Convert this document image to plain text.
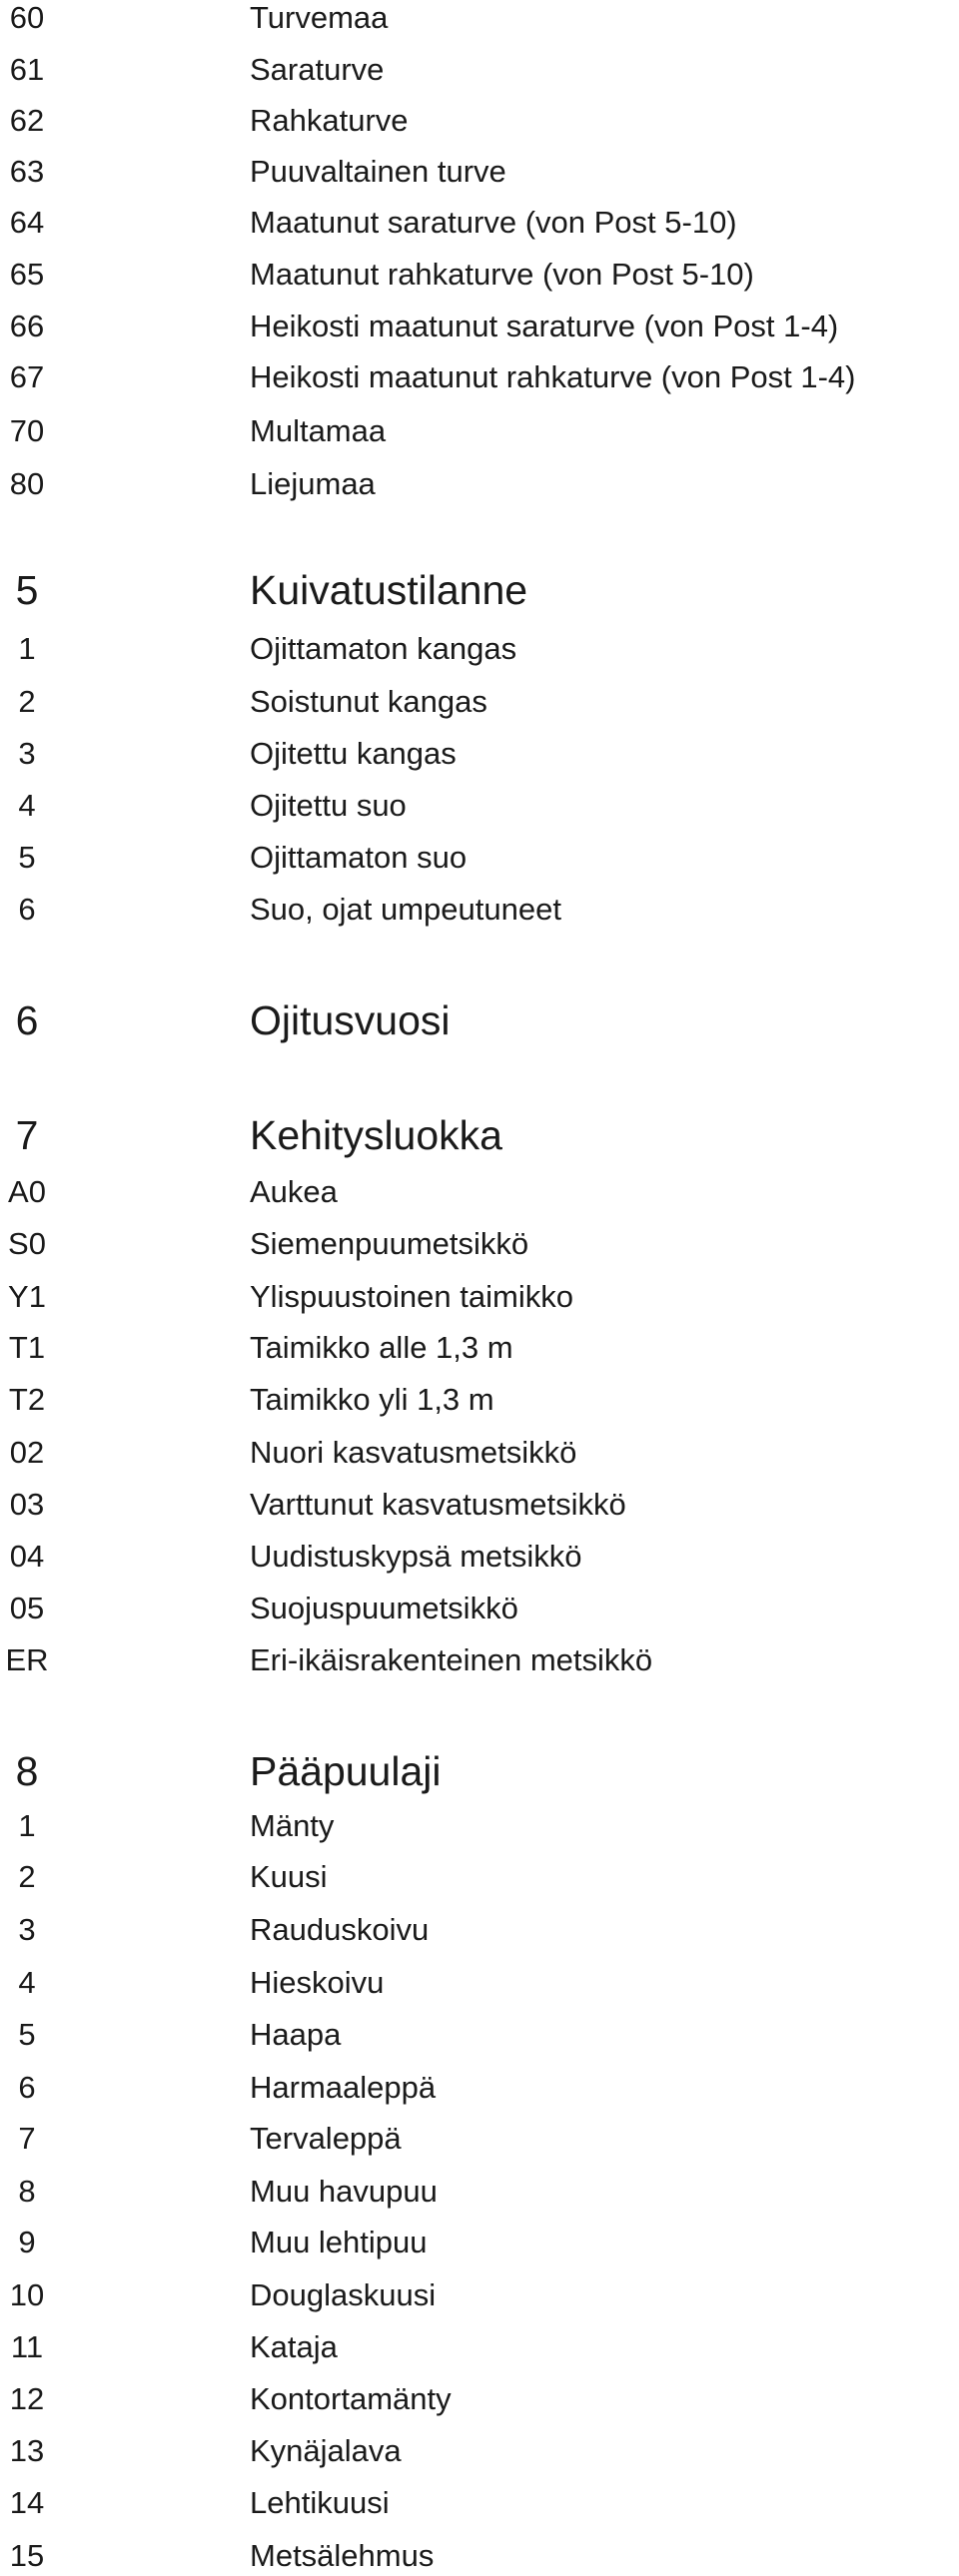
60	Turvemaa
61	Saraturve
62	Rahkaturve
63	Puuvaltainen turve
64	Maatunut saraturve (von Post 5-10)
65	Maatunut rahkaturve (von Post 5-10)
66	Heikosti maatunut saraturve (von Post 1-4)
67	Heikosti maatunut rahkaturve (von Post 1-4)
70	Multamaa
80	Liejumaa
5	Kuivatustilanne
1	Ojittamaton kangas
2	Soistunut kangas
3	Ojitettu kangas
4	Ojitettu suo
5	Ojittamaton suo
6	Suo, ojat umpeutuneet
6	Ojitusvuosi
7	Kehitysluokka
A0	Aukea
S0	Siemenpuumetsikkö
Y1	Ylispuustoinen taimikko
T1	Taimikko alle 1,3 m
T2	Taimikko yli 1,3 m
02	Nuori kasvatusmetsikkö
03	Varttunut kasvatusmetsikkö
04	Uudistuskypsä metsikkö
05	Suojuspuumetsikkö
ER	Eri-ikäisrakenteinen metsikkö
8	Pääpuulaji
1	Mänty
2	Kuusi
3	Rauduskoivu
4	Hieskoivu
5	Haapa
6	Harmaaleppä
7	Tervaleppä
8	Muu havupuu
9	Muu lehtipuu
10	Douglaskuusi
11	Kataja
12	Kontortamänty
13	Kynäjalava
14	Lehtikuusi
15	Metsälehmus
